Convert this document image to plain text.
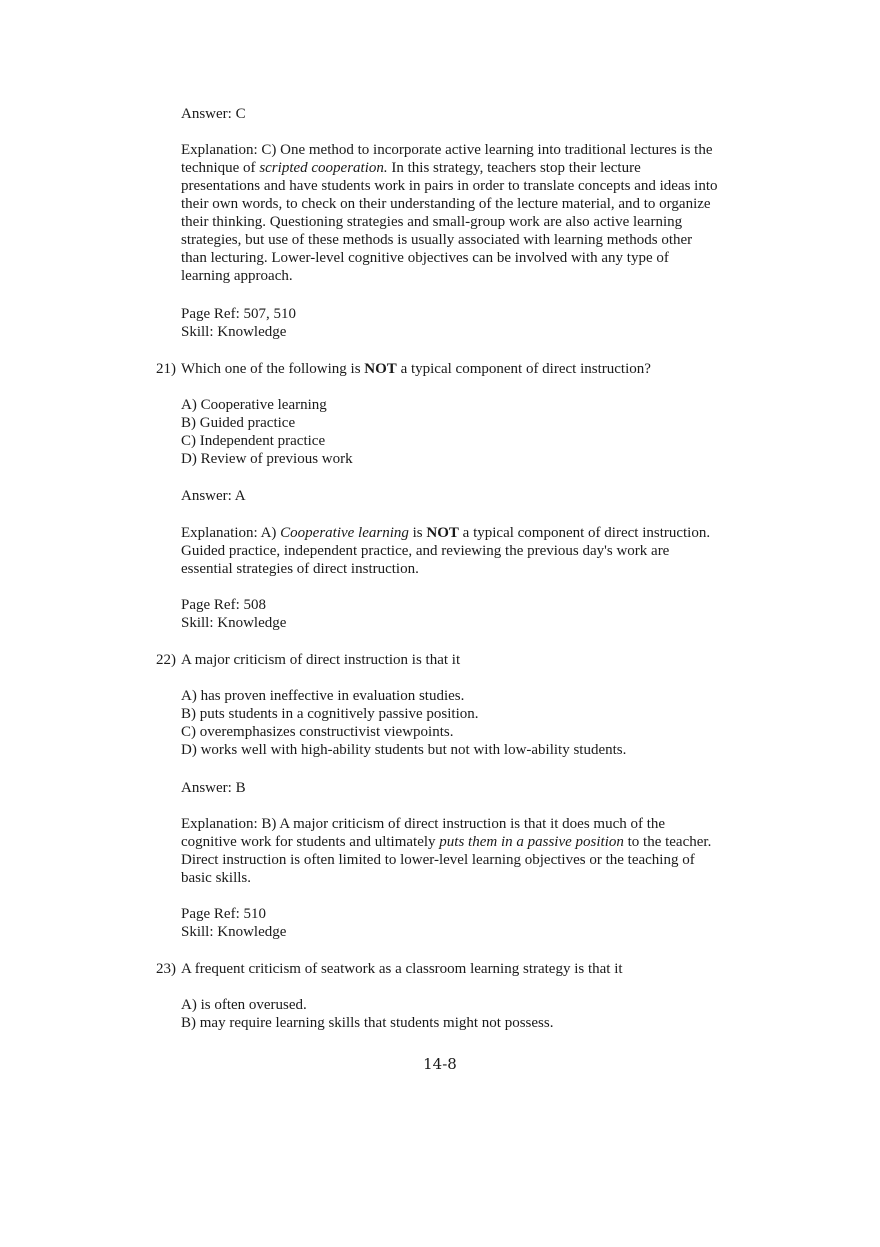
Answer: C

Explanation: C) One method to incorporate active learning into traditional lectures is the
technique of scripted cooperation. In this strategy, teachers stop their lecture
presentations and have students work in pairs in order to translate concepts and ideas into
their own words, to check on their understanding of the lecture material, and to organize
their thinking. Questioning strategies and small-group work are also active learning
strategies, but use of these methods is usually associated with learning methods other
than lecturing. Lower-level cognitive objectives can be involved with any type of
learning approach.

Page Ref: 507, 510
Skill: Knowledge

21) Which one of the following is NOT a typical component of direct instruction?

A) Cooperative learning
B) Guided practice
C) Independent practice
D) Review of previous work

Answer: A

Explanation: A) Cooperative learning is NOT a typical component of direct instruction.
Guided practice, independent practice, and reviewing the previous day's work are
essential strategies of direct instruction.

Page Ref: 508
Skill: Knowledge

22) A major criticism of direct instruction is that it

A) has proven ineffective in evaluation studies.
B) puts students in a cognitively passive position.
C) overemphasizes constructivist viewpoints.
D) works well with high-ability students but not with low-ability students.

Answer: B

Explanation: B) A major criticism of direct instruction is that it does much of the
cognitive work for students and ultimately puts them in a passive position to the teacher.
Direct instruction is often limited to lower-level learning objectives or the teaching of
basic skills.

Page Ref: 510
Skill: Knowledge

23) A frequent criticism of seatwork as a classroom learning strategy is that it

A) is often overused.
B) may require learning skills that students might not possess.

14-8
